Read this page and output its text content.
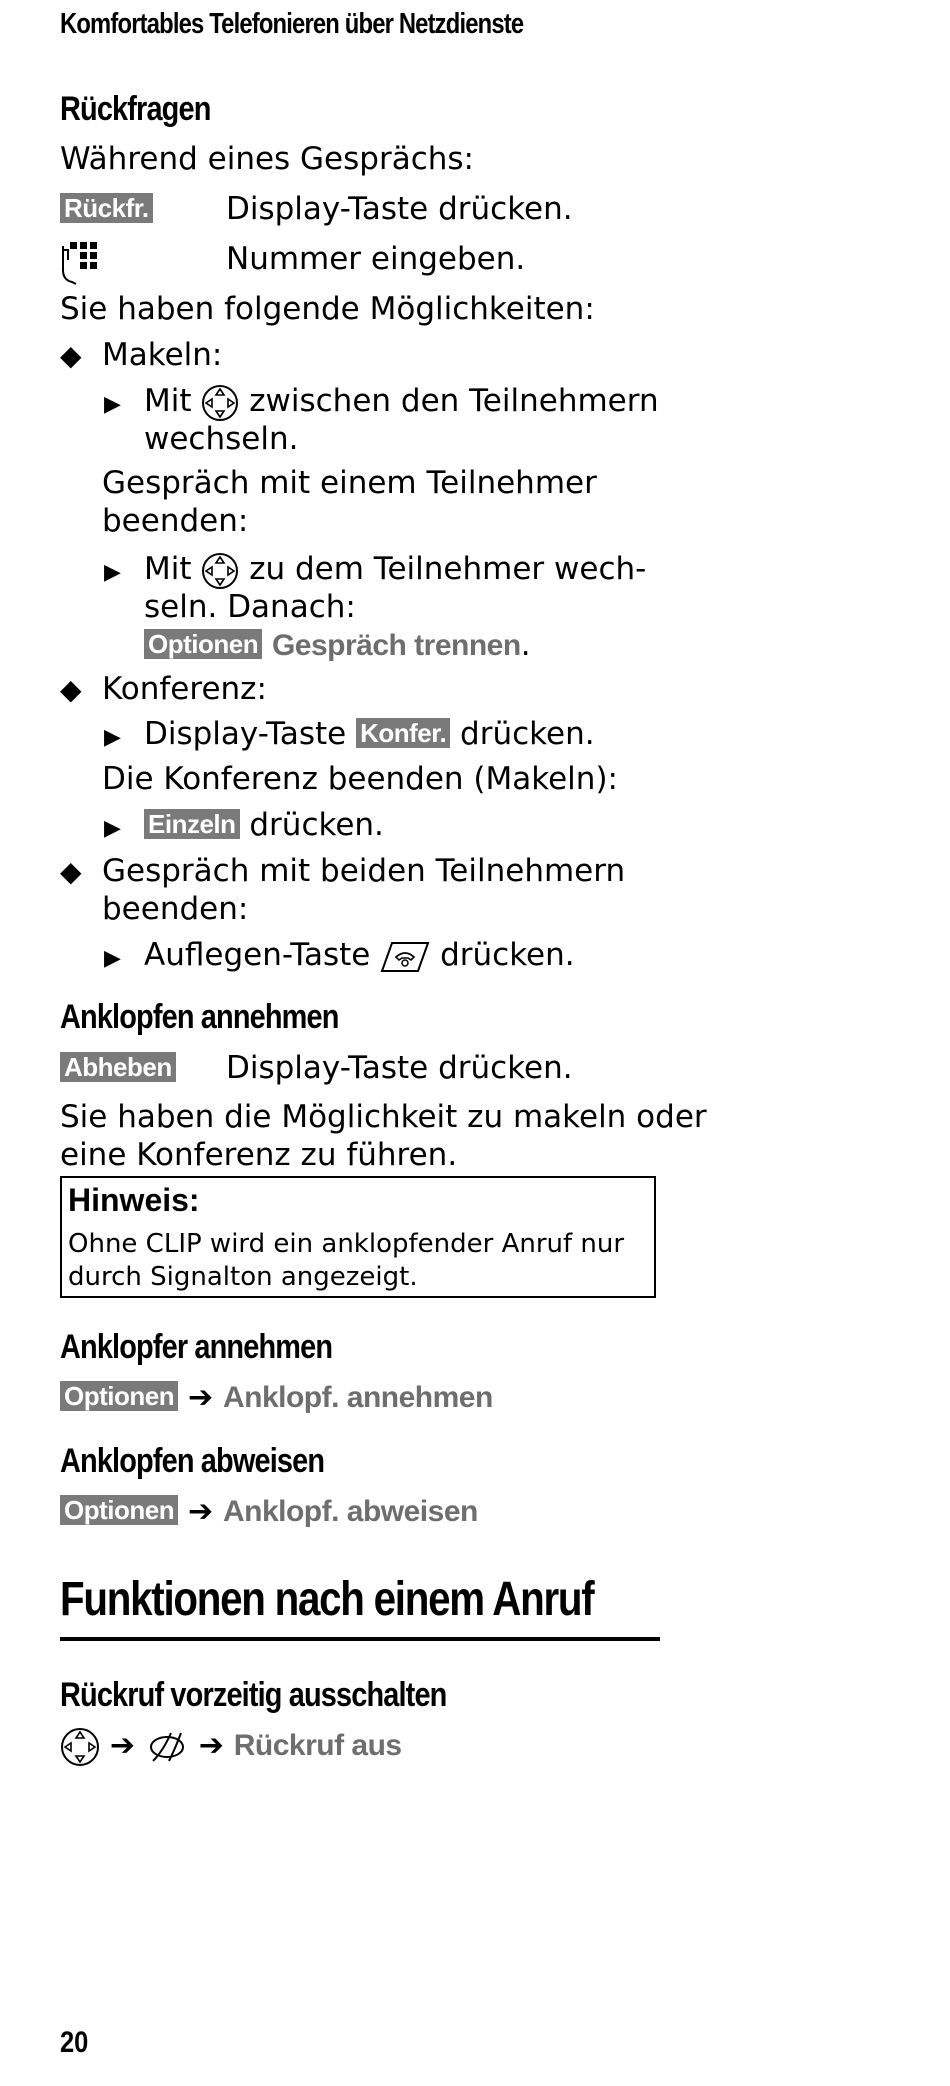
Komfortables Telefonieren über Netzdienste
Rückfragen
Während eines Gesprächs:
Rückfr. Display-Taste drücken.
Nummer eingeben.
Sie haben folgende Möglichkeiten:
◆ Makeln:
▶ Mit zwischen den Teilnehmern
wechseln.
Gespräch mit einem Teilnehmer
beenden:
▶ Mit zu dem Teilnehmer wech-
seln. Danach:
Optionen Gespräch trennen.
◆ Konferenz:
▶ Display-Taste Konfer. drücken.
Die Konferenz beenden (Makeln):
▶ Einzeln drücken.
◆ Gespräch mit beiden Teilnehmern
beenden:
▶ Auflegen-Taste drücken.
Anklopfen annehmen
Abheben Display-Taste drücken.
Sie haben die Möglichkeit zu makeln oder
eine Konferenz zu führen.
Hinweis:
Ohne CLIP wird ein anklopfender Anruf nur
durch Signalton angezeigt.
Anklopfer annehmen
Optionen ➔ Anklopf. annehmen
Anklopfen abweisen
Optionen ➔ Anklopf. abweisen
Funktionen nach einem Anruf
Rückruf vorzeitig ausschalten
➔ ➔ Rückruf aus
20
